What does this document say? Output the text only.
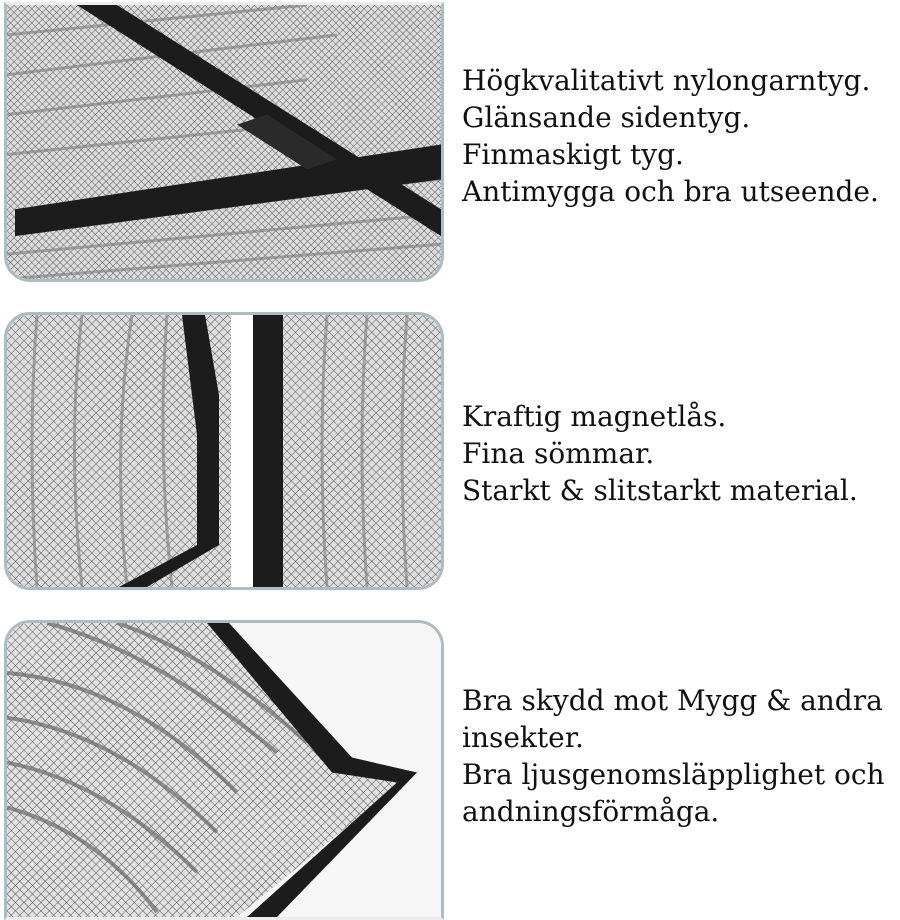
Högkvalitativt nylongarntyg.
Glänsande sidentyg.
Finmaskigt tyg.
Antimygga och bra utseende.
Kraftig magnetlås.
Fina sömmar.
Starkt & slitstarkt material.
Bra skydd mot Mygg & andra
insekter.
Bra ljusgenomsläpplighet och
andningsförmåga.
